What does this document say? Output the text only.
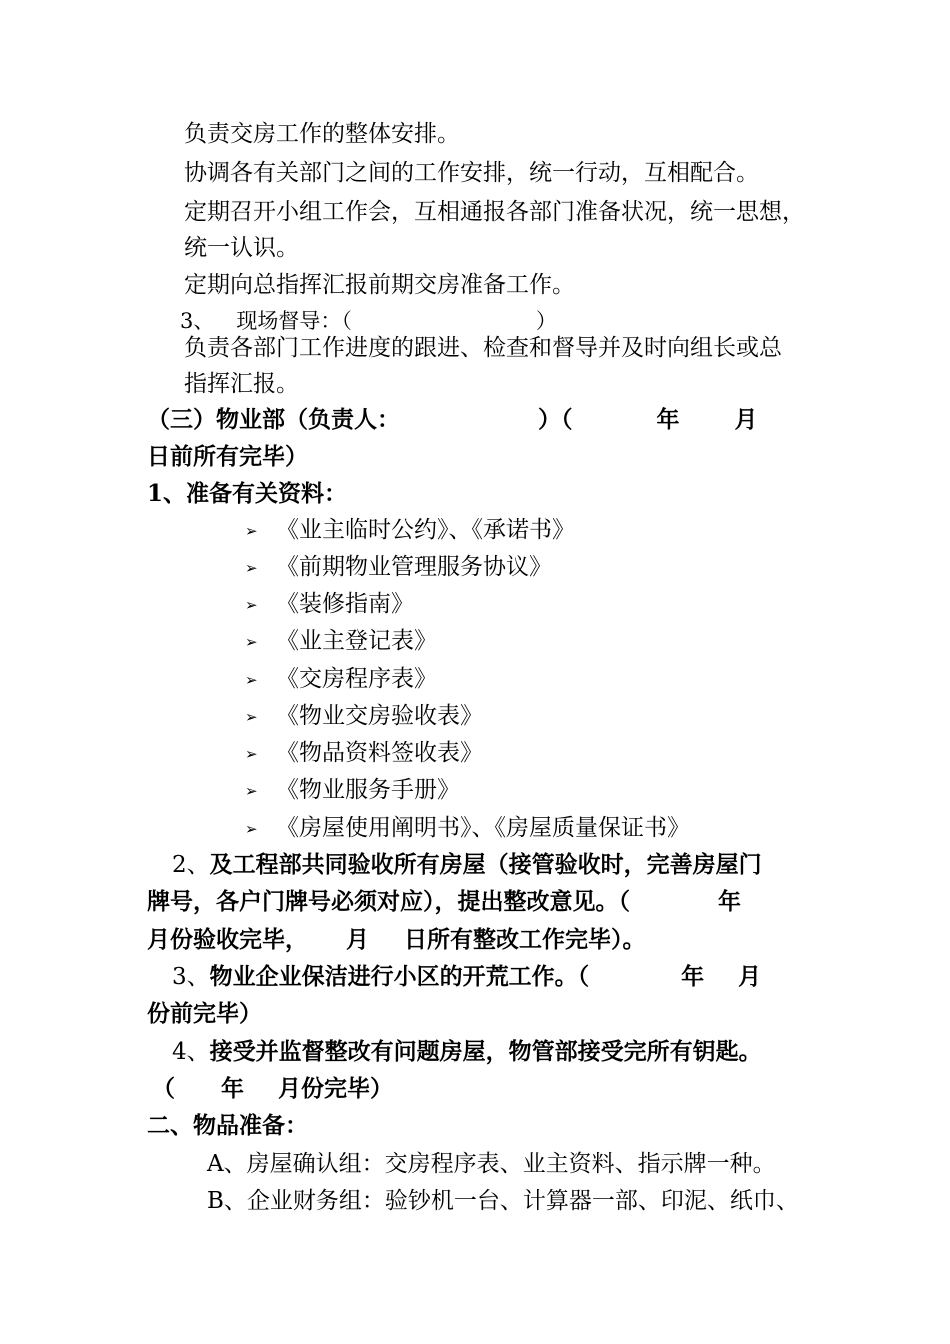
负责交房工作的整体安排。
协调各有关部门之间的工作安排，统一行动，互相配合。
定期召开小组工作会，互相通报各部门准备状况，统一思想，
统一认识。
定期向总指挥汇报前期交房准备工作。
3、 现场督导：（	）
负责各部门工作进度的跟进、检查和督导并及时向组长或总
指挥汇报。
（三）物业部（负责人：	）（	年 月
日前所有完毕）
1、准备有关资料：
➢ 《业主临时公约》、《承诺书》
➢ 《前期物业管理服务协议》
➢ 《装修指南》
➢ 《业主登记表》
➢ 《交房程序表》
➢ 《物业交房验收表》
➢ 《物品资料签收表》
➢ 《物业服务手册》
➢ 《房屋使用阐明书》、《房屋质量保证书》
2、及工程部共同验收所有房屋（接管验收时，完善房屋门
牌号，各户门牌号必须对应），提出整改意见。（	年
月份验收完毕， 月 日所有整改工作完毕）。
3、物业企业保洁进行小区的开荒工作。（	年 月
份前完毕）
4、接受并监督整改有问题房屋，物管部接受完所有钥匙。
（ 年 月份完毕）
二、物品准备：
A、房屋确认组：交房程序表、业主资料、指示牌一种。
B、企业财务组：验钞机一台、计算器一部、印泥、纸巾、
